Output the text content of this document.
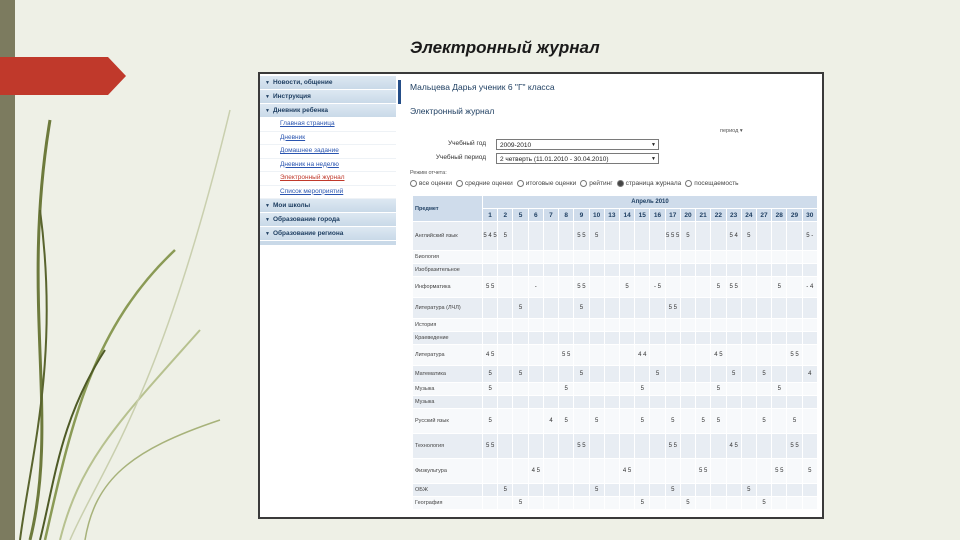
Электронный журнал
▼ Новости, общение
▼ Инструкция
▼ Дневник ребенка
Главная страница
Дневник
Домашнее задание
Дневник на неделю
Электронный журнал
Список мероприятий
▼ Мои школы
▼ Образование города
▼ Образование региона
Мальцева Дарья ученик 6 "Г" класса
Электронный журнал
период ▾
Учебный год	2009-2010	▼
Учебный период	2 четверть (11.01.2010 - 30.04.2010)	▼
Режим отчета:
все оценки средние оценки итоговые оценки рейтинг страница журнала посещаемость
Предмет	Апрель 2010																					
	1	2	5	6	7	8	9	10	13	14	15	16	17	20	21	22	23	24	27	28	29	30
Английский язык	5 4 5	5					5 5	5					5 5 5	5			5 4	5				5 -
Биология																						
Изобразительное																						
Информатика	5 5			-			5 5			5		- 5				5	5 5			5		- 4
Литература (ЛЧЛ)			5				5						5 5									
История																						
Краеведение																						
Литература	4 5					5 5					4 4					4 5					5 5	
Математика	5		5				5					5					5		5			4
Музыка	5					5					5					5				5		
Музыка																						
Русский язык	5				4	5		5			5		5		5	5			5		5	
Технология	5 5						5 5						5 5				4 5				5 5	
Физкультура				4 5						4 5					5 5					5 5		5
ОБЖ		5						5					5					5				
География			5								5			5					5			
